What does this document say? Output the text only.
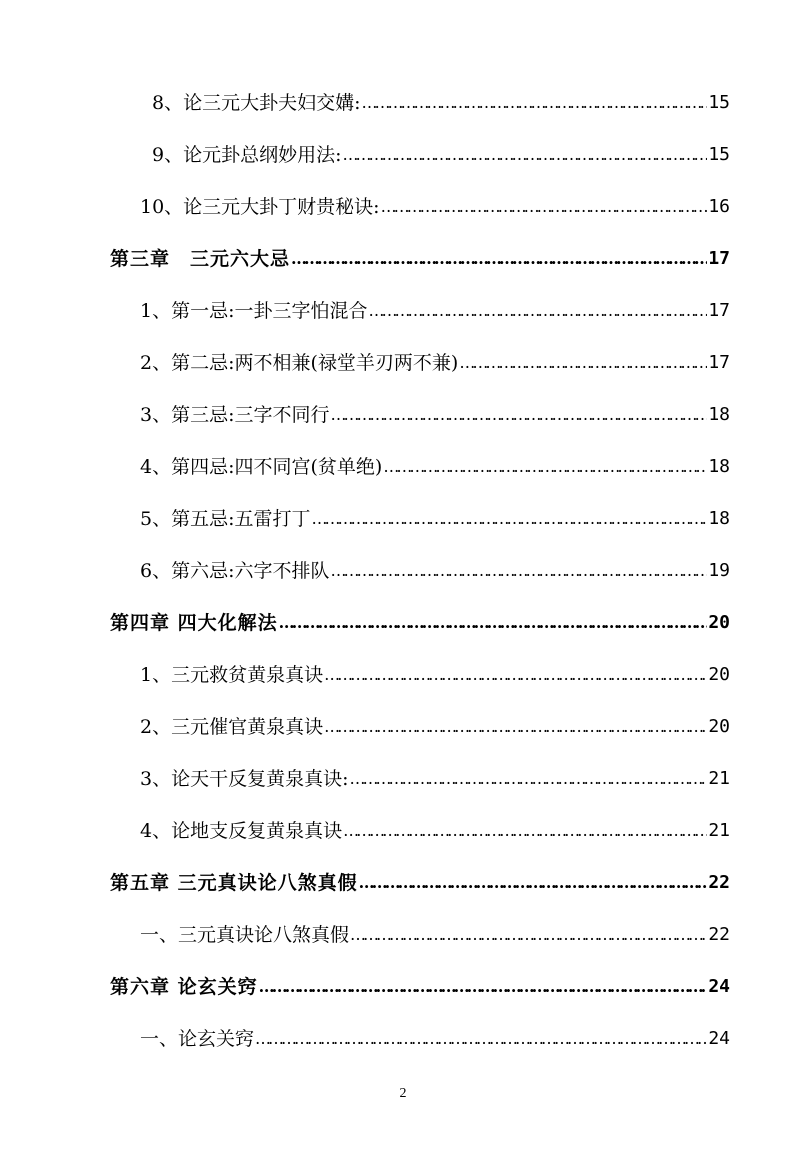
8、论三元大卦夫妇交媾: ……………………………………………………………………………………………………………………………………………………………………	15
9、论元卦总纲妙用法: ……………………………………………………………………………………………………………………………………………………………………	15
10、论三元大卦丁财贵秘诀: ……………………………………………………………………………………………………………………………………………………………………	16
第三章　三元六大忌 ……………………………………………………………………………………………………………………………………………………………………	17
1、第一忌:一卦三字怕混合 ……………………………………………………………………………………………………………………………………………………………………	17
2、第二忌:两不相兼(禄堂羊刃两不兼) ……………………………………………………………………………………………………………………………………………………………………	17
3、第三忌:三字不同行 ……………………………………………………………………………………………………………………………………………………………………	18
4、第四忌:四不同宫(贫单绝) ……………………………………………………………………………………………………………………………………………………………………	18
5、第五忌:五雷打丁 ……………………………………………………………………………………………………………………………………………………………………	18
6、第六忌:六字不排队 ……………………………………………………………………………………………………………………………………………………………………	19
第四章 四大化解法 ……………………………………………………………………………………………………………………………………………………………………	20
1、三元救贫黄泉真诀 ……………………………………………………………………………………………………………………………………………………………………	20
2、三元催官黄泉真诀 ……………………………………………………………………………………………………………………………………………………………………	20
3、论天干反复黄泉真诀: ……………………………………………………………………………………………………………………………………………………………………	21
4、论地支反复黄泉真诀 ……………………………………………………………………………………………………………………………………………………………………	21
第五章 三元真诀论八煞真假 ……………………………………………………………………………………………………………………………………………………………………	22
一、三元真诀论八煞真假 ……………………………………………………………………………………………………………………………………………………………………	22
第六章 论玄关窍 ……………………………………………………………………………………………………………………………………………………………………	24
一、论玄关窍 ……………………………………………………………………………………………………………………………………………………………………	24
2
